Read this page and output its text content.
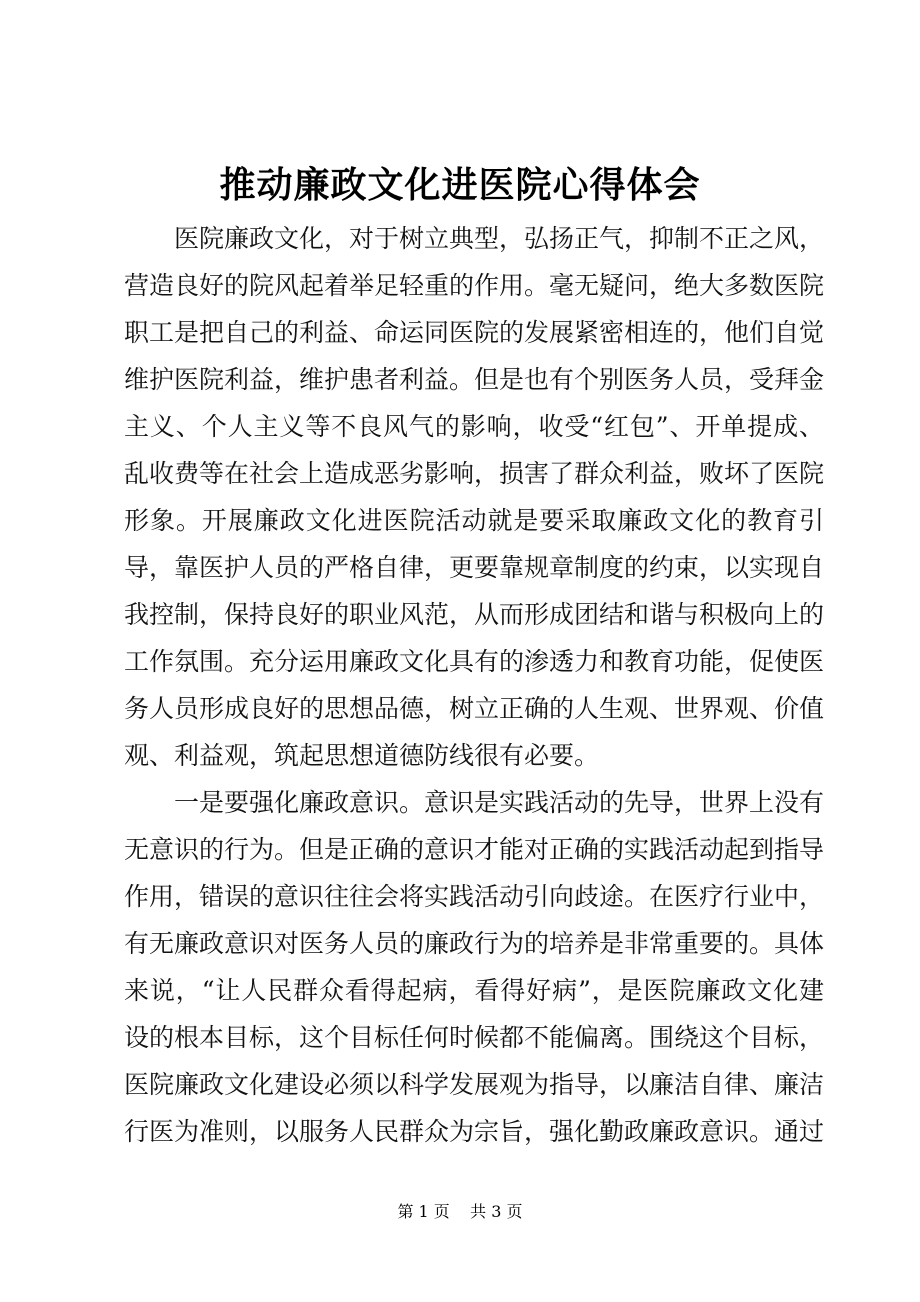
推动廉政文化进医院心得体会

医院廉政文化，对于树立典型，弘扬正气，抑制不正之风，营造良好的院风起着举足轻重的作用。毫无疑问，绝大多数医院职工是把自己的利益、命运同医院的发展紧密相连的，他们自觉维护医院利益，维护患者利益。但是也有个别医务人员，受拜金主义、个人主义等不良风气的影响，收受“红包”、开单提成、乱收费等在社会上造成恶劣影响，损害了群众利益，败坏了医院形象。开展廉政文化进医院活动就是要采取廉政文化的教育引导，靠医护人员的严格自律，更要靠规章制度的约束，以实现自我控制，保持良好的职业风范，从而形成团结和谐与积极向上的工作氛围。充分运用廉政文化具有的渗透力和教育功能，促使医务人员形成良好的思想品德，树立正确的人生观、世界观、价值观、利益观，筑起思想道德防线很有必要。

一是要强化廉政意识。意识是实践活动的先导，世界上没有无意识的行为。但是正确的意识才能对正确的实践活动起到指导作用，错误的意识往往会将实践活动引向歧途。在医疗行业中，有无廉政意识对医务人员的廉政行为的培养是非常重要的。具体来说，“让人民群众看得起病，看得好病”，是医院廉政文化建设的根本目标，这个目标任何时候都不能偏离。围绕这个目标，医院廉政文化建设必须以科学发展观为指导，以廉洁自律、廉洁行医为准则，以服务人民群众为宗旨，强化勤政廉政意识。通过

第 1 页 共 3 页
